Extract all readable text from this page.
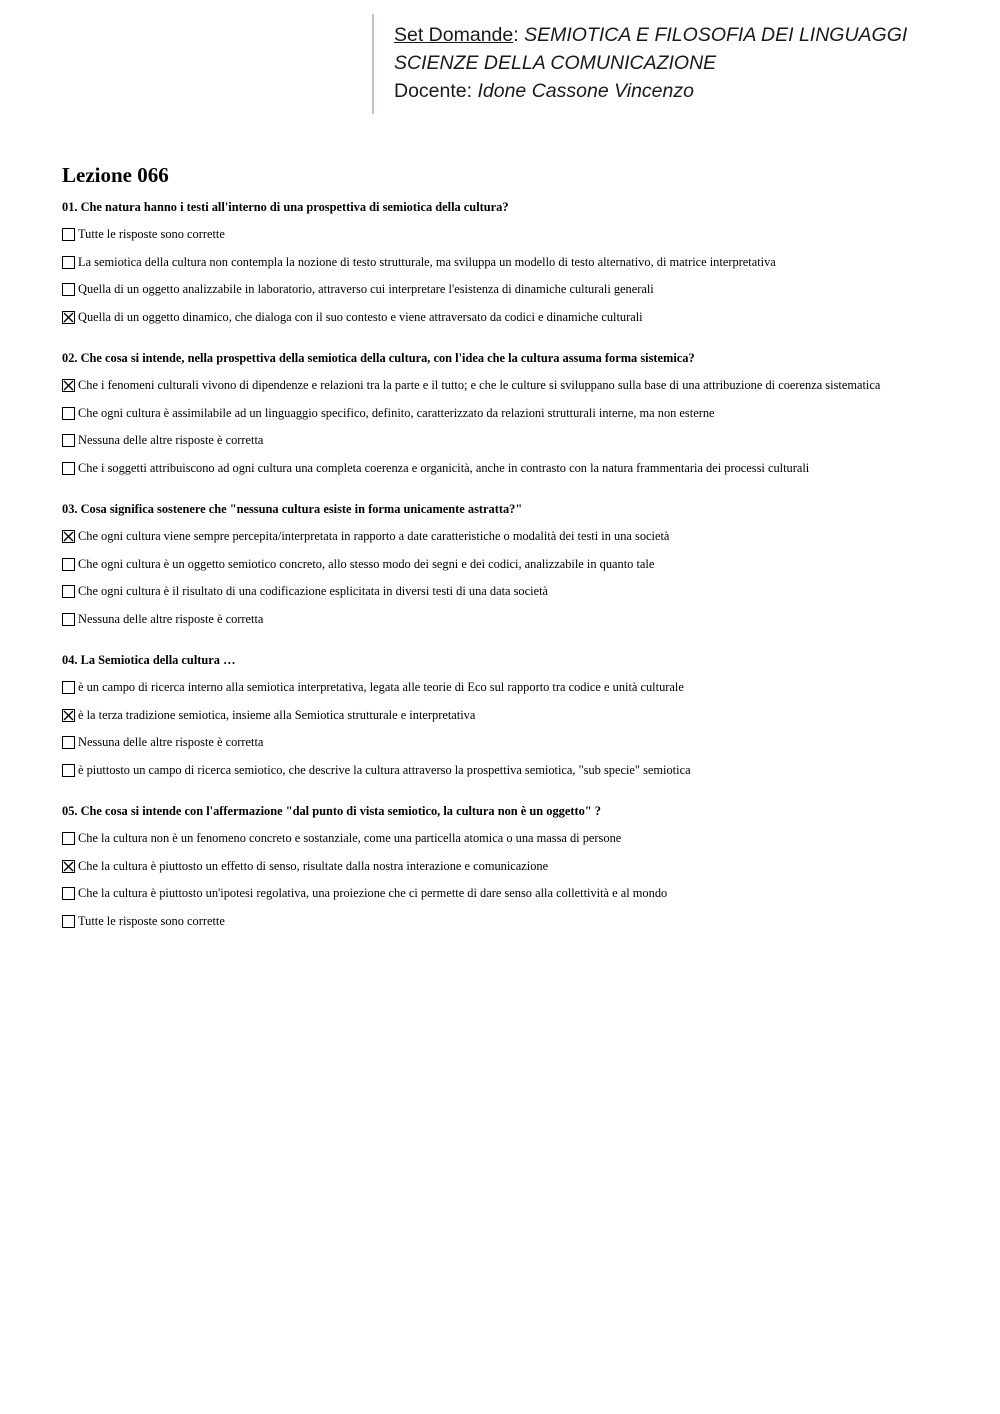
Set Domande: SEMIOTICA E FILOSOFIA DEI LINGUAGGI
SCIENZE DELLA COMUNICAZIONE
Docente: Idone Cassone Vincenzo
Lezione 066
01. Che natura hanno i testi all'interno di una prospettiva di semiotica della cultura?
Tutte le risposte sono corrette
La semiotica della cultura non contempla la nozione di testo strutturale, ma sviluppa un modello di testo alternativo, di matrice interpretativa
Quella di un oggetto analizzabile in laboratorio, attraverso cui interpretare l'esistenza di dinamiche culturali generali
Quella di un oggetto dinamico, che dialoga con il suo contesto e viene attraversato da codici e dinamiche culturali
02. Che cosa si intende, nella prospettiva della semiotica della cultura, con l'idea che la cultura assuma forma sistemica?
Che i fenomeni culturali vivono di dipendenze e relazioni tra la parte e il tutto; e che le culture si sviluppano sulla base di una attribuzione di coerenza sistematica
Che ogni cultura è assimilabile ad un linguaggio specifico, definito, caratterizzato da relazioni strutturali interne, ma non esterne
Nessuna delle altre risposte è corretta
Che i soggetti attribuiscono ad ogni cultura una completa coerenza e organicità, anche in contrasto con la natura frammentaria dei processi culturali
03. Cosa significa sostenere che "nessuna cultura esiste in forma unicamente astratta?"
Che ogni cultura viene sempre percepita/interpretata in rapporto a date caratteristiche o modalità dei testi in una società
Che ogni cultura è un oggetto semiotico concreto, allo stesso modo dei segni e dei codici, analizzabile in quanto tale
Che ogni cultura è il risultato di una codificazione esplicitata in diversi testi di una data società
Nessuna delle altre risposte è corretta
04. La Semiotica della cultura …
è un campo di ricerca interno alla semiotica interpretativa, legata alle teorie di Eco sul rapporto tra codice e unità culturale
è la terza tradizione semiotica, insieme alla Semiotica strutturale e interpretativa
Nessuna delle altre risposte è corretta
è piuttosto un campo di ricerca semiotico, che descrive la cultura attraverso la prospettiva semiotica, "sub specie" semiotica
05. Che cosa si intende con l'affermazione "dal punto di vista semiotico, la cultura non è un oggetto" ?
Che la cultura non è un fenomeno concreto e sostanziale, come una particella atomica o una massa di persone
Che la cultura è piuttosto un effetto di senso, risultate dalla nostra interazione e comunicazione
Che la cultura è piuttosto un'ipotesi regolativa, una proiezione che ci permette di dare senso alla collettività e al mondo
Tutte le risposte sono corrette
